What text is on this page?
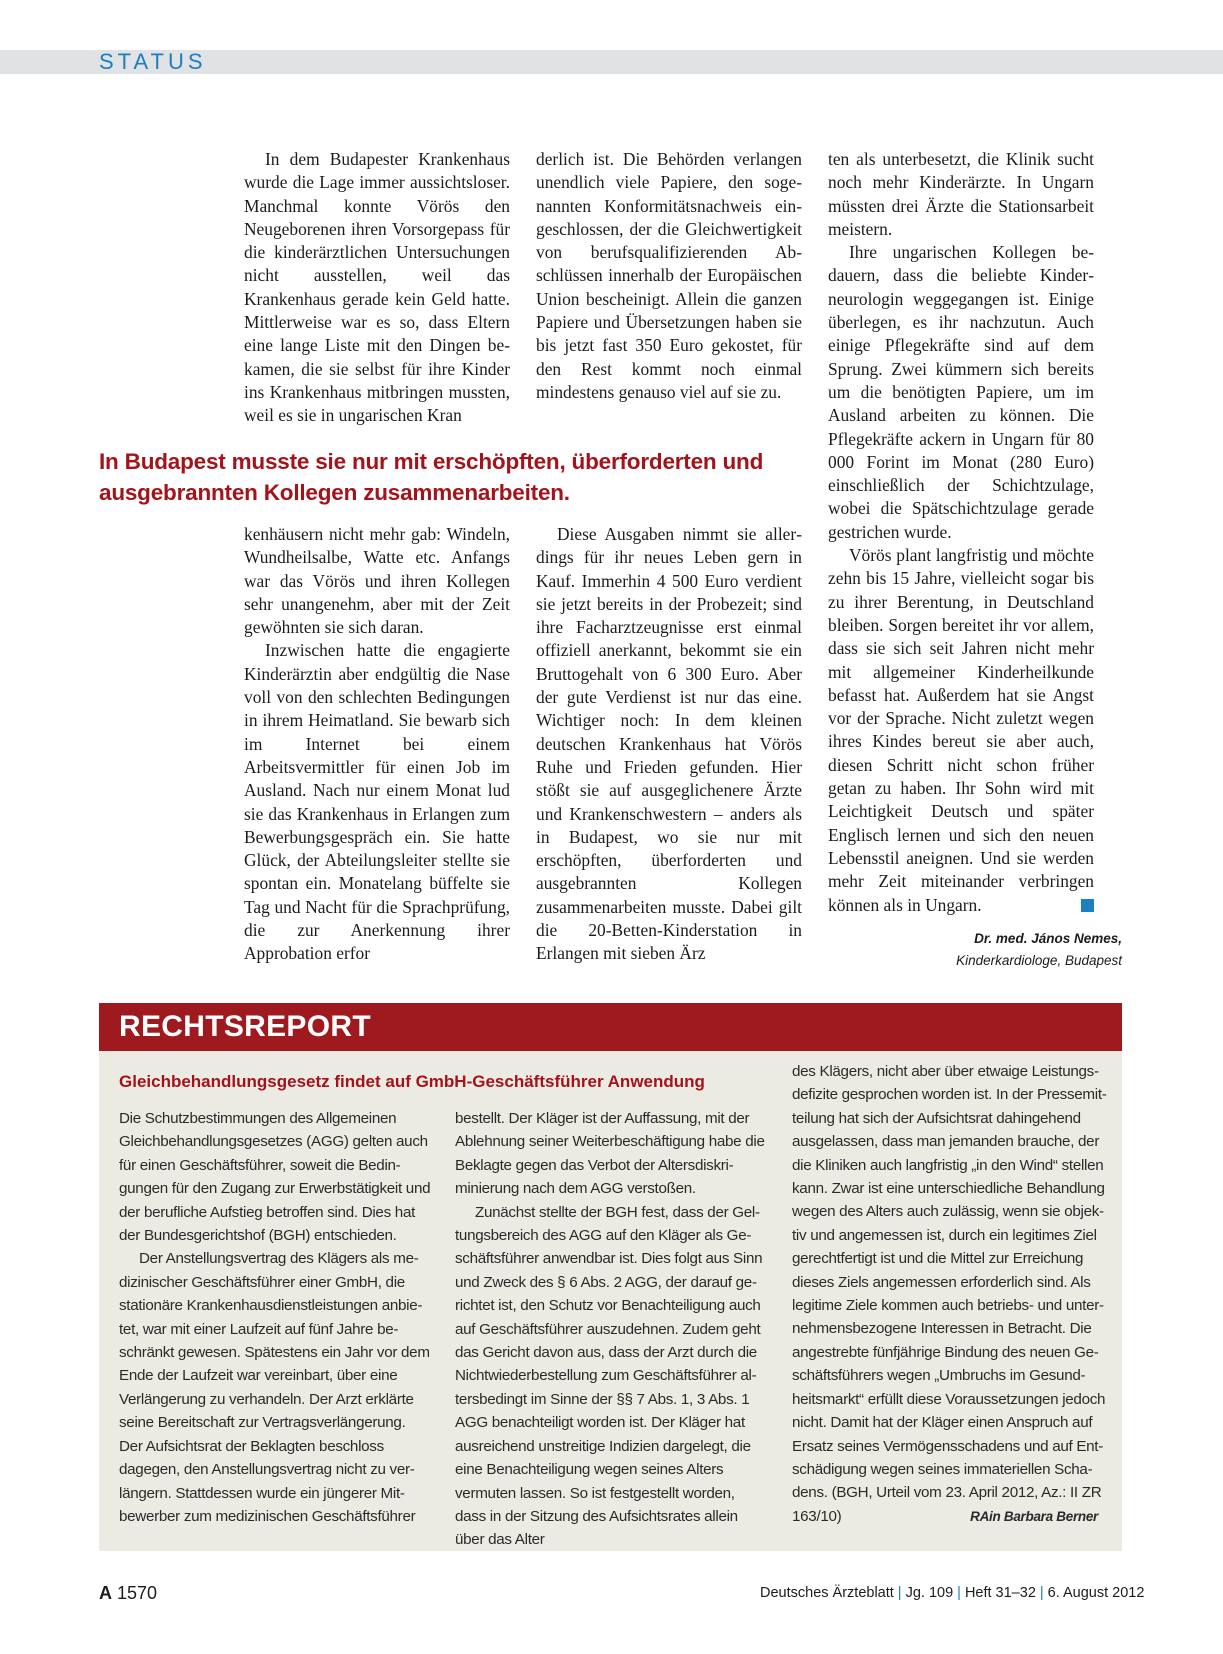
STATUS

In dem Budapester Krankenhaus wurde die Lage immer aussichtsloser. Manchmal konnte Vörös den Neugeborenen ihren Vorsorgepass für die kinderärztlichen Untersuchungen nicht ausstellen, weil das Krankenhaus gerade kein Geld hatte. Mittlerweise war es so, dass Eltern eine lange Liste mit den Dingen bekamen, die sie selbst für ihre Kinder ins Krankenhaus mitbringen mussten, weil es sie in ungarischen Kran

derlich ist. Die Behörden verlangen unendlich viele Papiere, den sogenannten Konformitätsnachweis eingeschlossen, der die Gleichwertigkeit von berufsqualifizierenden Abschlüssen innerhalb der Europäischen Union bescheinigt. Allein die ganzen Papiere und Übersetzungen haben sie bis jetzt fast 350 Euro gekostet, für den Rest kommt noch einmal mindestens genauso viel auf sie zu.

In Budapest musste sie nur mit erschöpften, überforderten und ausgebrannten Kollegen zusammenarbeiten.

kenhäusern nicht mehr gab: Windeln, Wundheilsalbe, Watte etc. Anfangs war das Vörös und ihren Kollegen sehr unangenehm, aber mit der Zeit gewöhnten sie sich daran.

Inzwischen hatte die engagierte Kinderärztin aber endgültig die Nase voll von den schlechten Bedingungen in ihrem Heimatland. Sie bewarb sich im Internet bei einem Arbeitsvermittler für einen Job im Ausland. Nach nur einem Monat lud sie das Krankenhaus in Erlangen zum Bewerbungsgespräch ein. Sie hatte Glück, der Abteilungsleiter stellte sie spontan ein. Monatelang büffelte sie Tag und Nacht für die Sprachprüfung, die zur Anerkennung ihrer Approbation erfor

Diese Ausgaben nimmt sie allerdings für ihr neues Leben gern in Kauf. Immerhin 4 500 Euro verdient sie jetzt bereits in der Probezeit; sind ihre Facharztzeugnisse erst einmal offiziell anerkannt, bekommt sie ein Bruttogehalt von 6 300 Euro. Aber der gute Verdienst ist nur das eine. Wichtiger noch: In dem kleinen deutschen Krankenhaus hat Vörös Ruhe und Frieden gefunden. Hier stößt sie auf ausgeglichenere Ärzte und Krankenschwestern – anders als in Budapest, wo sie nur mit erschöpften, überforderten und ausgebrannten Kollegen zusammenarbeiten musste. Dabei gilt die 20-Betten-Kinderstation in Erlangen mit sieben Ärz

ten als unterbesetzt, die Klinik sucht noch mehr Kinderärzte. In Ungarn müssten drei Ärzte die Stationsarbeit meistern.

Ihre ungarischen Kollegen bedauern, dass die beliebte Kinderneurologin weggegangen ist. Einige überlegen, es ihr nachzutun. Auch einige Pflegekräfte sind auf dem Sprung. Zwei kümmern sich bereits um die benötigten Papiere, um im Ausland arbeiten zu können. Die Pflegekräfte ackern in Ungarn für 80 000 Forint im Monat (280 Euro) einschließlich der Schichtzulage, wobei die Spätschichtzulage gerade gestrichen wurde.

Vörös plant langfristig und möchte zehn bis 15 Jahre, vielleicht sogar bis zu ihrer Berentung, in Deutschland bleiben. Sorgen bereitet ihr vor allem, dass sie sich seit Jahren nicht mehr mit allgemeiner Kinderheilkunde befasst hat. Außerdem hat sie Angst vor der Sprache. Nicht zuletzt wegen ihres Kindes bereut sie aber auch, diesen Schritt nicht schon früher getan zu haben. Ihr Sohn wird mit Leichtigkeit Deutsch und später Englisch lernen und sich den neuen Lebensstil aneignen. Und sie werden mehr Zeit miteinander verbringen können als in Ungarn.

Dr. med. János Nemes,
Kinderkardiologe, Budapest
RECHTSREPORT
Gleichbehandlungsgesetz findet auf GmbH-Geschäftsführer Anwendung

Die Schutzbestimmungen des Allgemeinen Gleichbehandlungsgesetzes (AGG) gelten auch für einen Geschäftsführer, soweit die Bedingungen für den Zugang zur Erwerbstätigkeit und der berufliche Aufstieg betroffen sind. Dies hat der Bundesgerichtshof (BGH) entschieden.

Der Anstellungsvertrag des Klägers als medizinischer Geschäftsführer einer GmbH, die stationäre Krankenhausdienstleistungen anbietet, war mit einer Laufzeit auf fünf Jahre beschränkt gewesen. Spätestens ein Jahr vor dem Ende der Laufzeit war vereinbart, über eine Verlängerung zu verhandeln. Der Arzt erklärte seine Bereitschaft zur Vertragsverlängerung. Der Aufsichtsrat der Beklagten beschloss dagegen, den Anstellungsvertrag nicht zu verlängern. Stattdessen wurde ein jüngerer Mitbewerber zum medizinischen Geschäftsführer

bestellt. Der Kläger ist der Auffassung, mit der Ablehnung seiner Weiterbeschäftigung habe die Beklagte gegen das Verbot der Altersdiskriminierung nach dem AGG verstoßen.

Zunächst stellte der BGH fest, dass der Geltungsbereich des AGG auf den Kläger als Geschäftsführer anwendbar ist. Dies folgt aus Sinn und Zweck des § 6 Abs. 2 AGG, der darauf gerichtet ist, den Schutz vor Benachteiligung auch auf Geschäftsführer auszudehnen. Zudem geht das Gericht davon aus, dass der Arzt durch die Nichtwiederbestellung zum Geschäftsführer altersbedingt im Sinne der §§ 7 Abs. 1, 3 Abs. 1 AGG benachteiligt worden ist. Der Kläger hat ausreichend unstreitige Indizien dargelegt, die eine Benachteiligung wegen seines Alters vermuten lassen. So ist festgestellt worden, dass in der Sitzung des Aufsichtsrates allein über das Alter

des Klägers, nicht aber über etwaige Leistungsdefizite gesprochen worden ist. In der Pressemitteilung hat sich der Aufsichtsrat dahingehend ausgelassen, dass man jemanden brauche, der die Kliniken auch langfristig „in den Wind“ stellen kann. Zwar ist eine unterschiedliche Behandlung wegen des Alters auch zulässig, wenn sie objektiv und angemessen ist, durch ein legitimes Ziel gerechtfertigt ist und die Mittel zur Erreichung dieses Ziels angemessen erforderlich sind. Als legitime Ziele kommen auch betriebs- und unternehmensbezogene Interessen in Betracht. Die angestrebte fünfjährige Bindung des neuen Geschäftsführers wegen „Umbruchs im Gesundheitsmarkt“ erfüllt diese Voraussetzungen jedoch nicht. Damit hat der Kläger einen Anspruch auf Ersatz seines Vermögensschadens und auf Entschädigung wegen seines immateriellen Schadens. (BGH, Urteil vom 23. April 2012, Az.: II ZR 163/10)	RAin Barbara Berner

A 1570	Deutsches Ärzteblatt | Jg. 109 | Heft 31–32 | 6. August 2012
